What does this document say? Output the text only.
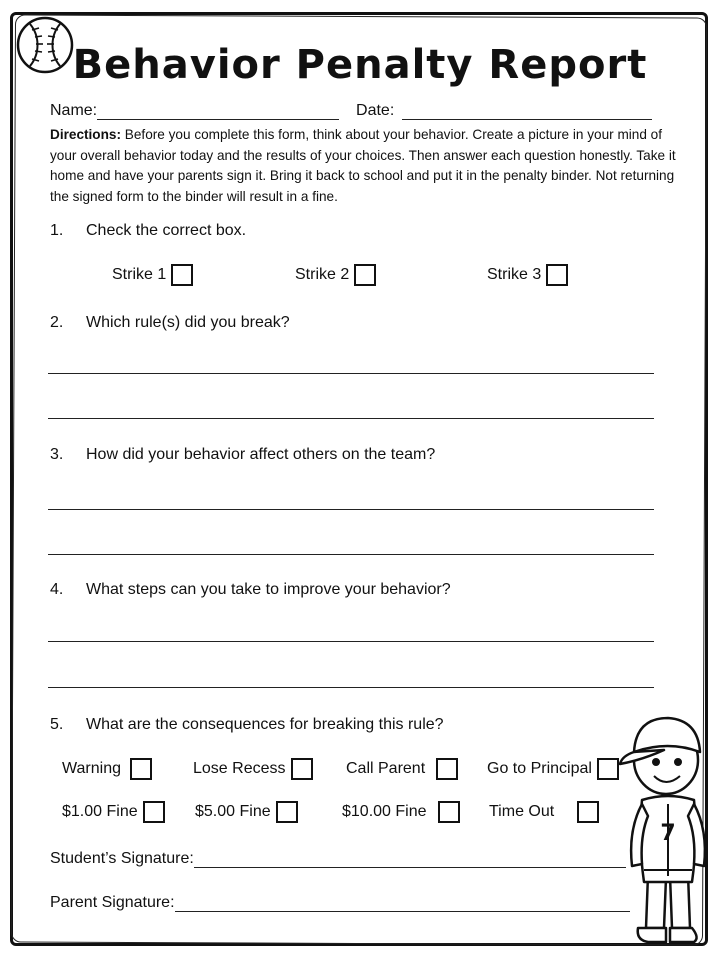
Behavior Penalty Report
Name:	Date:
Directions: Before you complete this form, think about your behavior. Create a picture in your mind of your overall behavior today and the results of your choices. Then answer each question honestly. Take it home and have your parents sign it. Bring it back to school and put it in the penalty binder. Not returning the signed form to the binder will result in a fine.
1. Check the correct box.
Strike 1	Strike 2	Strike 3
2. Which rule(s) did you break?
3. How did your behavior affect others on the team?
4. What steps can you take to improve your behavior?
5. What are the consequences for breaking this rule?
Warning	Lose Recess	Call Parent	Go to Principal
$1.00 Fine	$5.00 Fine	$10.00 Fine	Time Out
Student’s Signature:
Parent Signature:
7
